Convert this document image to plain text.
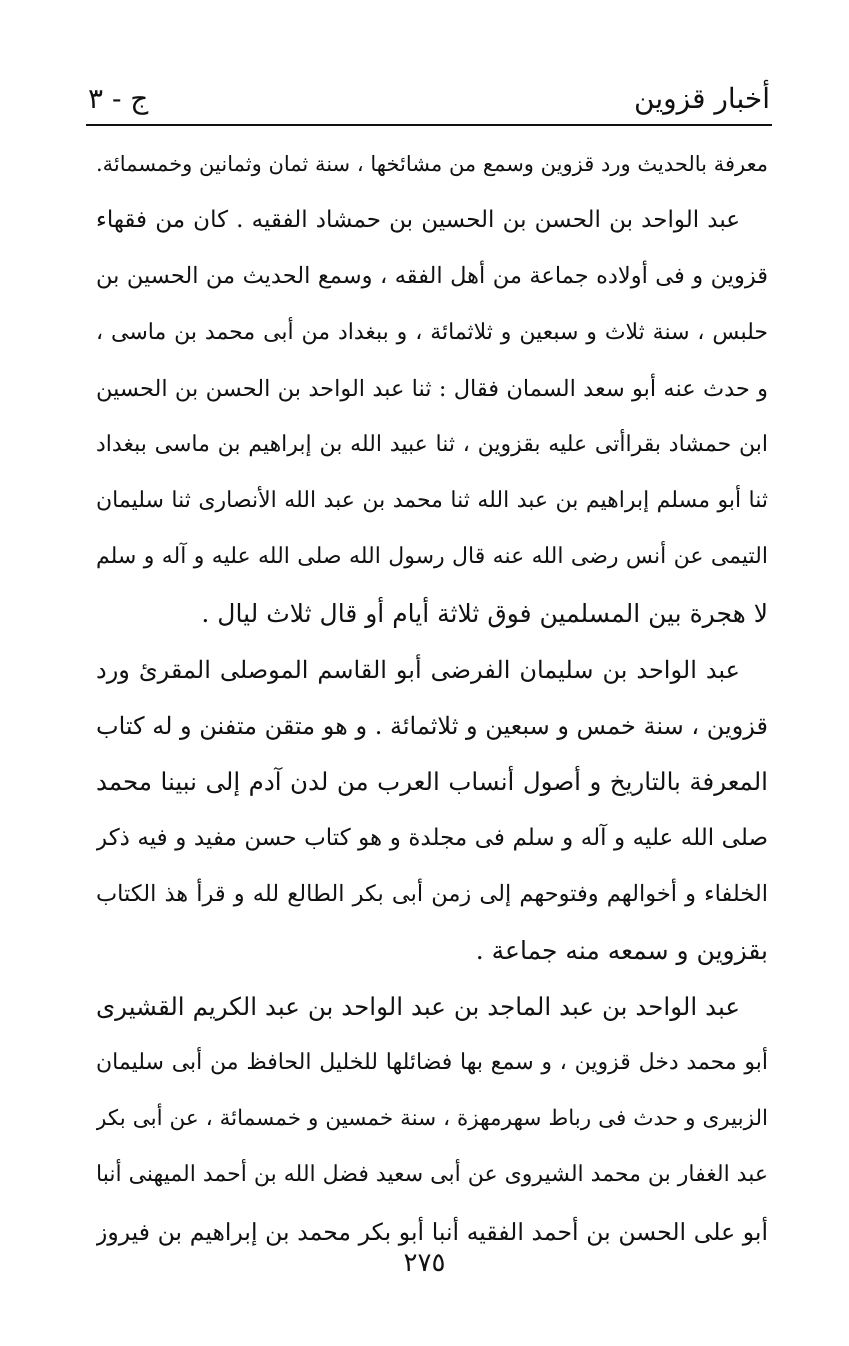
أخبار قزوين
ج - ٣
معرفة بالحديث ورد قزوين وسمع من مشائخها ، سنة ثمان وثمانين وخمسمائة.
عبد الواحد بن الحسن بن الحسين بن حمشاد الفقيه . كان من فقهاء
قزوين و فى أولاده جماعة من أهل الفقه ، وسمع الحديث من الحسين بن
حلبس ، سنة ثلاث و سبعين و ثلاثمائة ، و ببغداد من أبى محمد بن ماسى ،
و حدث عنه أبو سعد السمان فقال : ثنا عبد الواحد بن الحسن بن الحسين
ابن حمشاد بقراأتى عليه بقزوين ، ثنا عبيد الله بن إبراهيم بن ماسى ببغداد
ثنا أبو مسلم إبراهيم بن عبد الله ثنا محمد بن عبد الله الأنصارى ثنا سليمان
التيمى عن أنس رضى الله عنه قال رسول الله صلى الله عليه و آله و سلم
لا هجرة بين المسلمين فوق ثلاثة أيام أو قال ثلاث ليال .
عبد الواحد بن سليمان الفرضى أبو القاسم الموصلى المقرئ ورد
قزوين ، سنة خمس و سبعين و ثلاثمائة . و هو متقن متفنن و له كتاب
المعرفة بالتاريخ و أصول أنساب العرب من لدن آدم إلى نبينا محمد
صلى الله عليه و آله و سلم فى مجلدة و هو كتاب حسن مفيد و فيه ذكر
الخلفاء و أخوالهم وفتوحهم إلى زمن أبى بكر الطالع لله و قرأ هذ الكتاب
بقزوين و سمعه منه جماعة .
عبد الواحد بن عبد الماجد بن عبد الواحد بن عبد الكريم القشيرى
أبو محمد دخل قزوين ، و سمع بها فضائلها للخليل الحافظ من أبى سليمان
الزبيرى و حدث فى رباط سهرمهزة ، سنة خمسين و خمسمائة ، عن أبى بكر
عبد الغفار بن محمد الشيروى عن أبى سعيد فضل الله بن أحمد الميهنى أنبا
أبو على الحسن بن أحمد الفقيه أنبا أبو بكر محمد بن إبراهيم بن فيروز
٢٧٥
